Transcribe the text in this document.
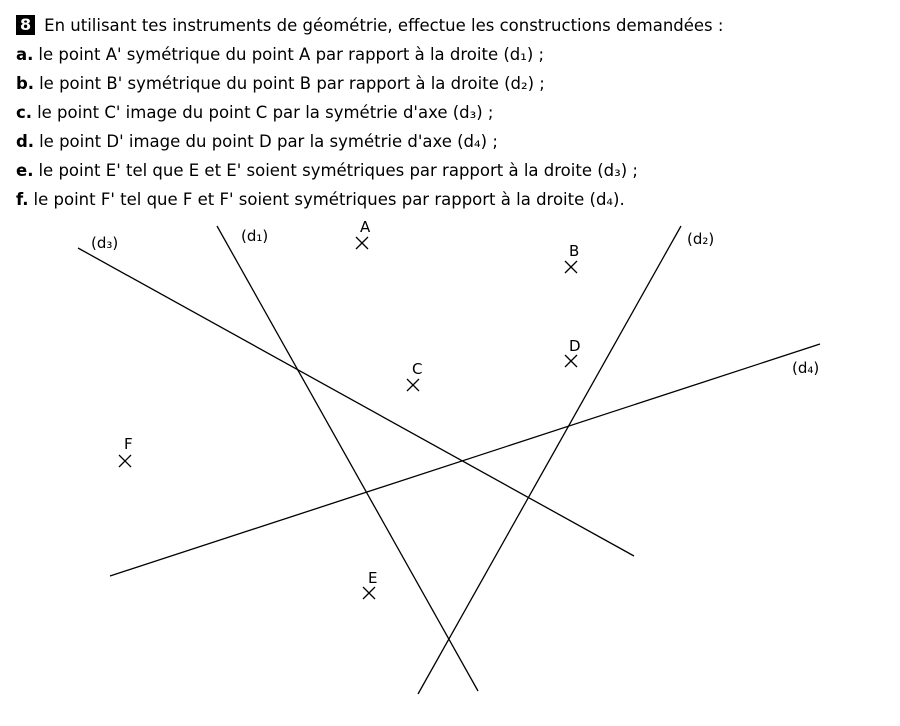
8 En utilisant tes instruments de géométrie, effectue les constructions demandées :
a. le point A' symétrique du point A par rapport à la droite (d₁) ;
b. le point B' symétrique du point B par rapport à la droite (d₂) ;
c. le point C' image du point C par la symétrie d'axe (d₃) ;
d. le point D' image du point D par la symétrie d'axe (d₄) ;
e. le point E' tel que E et E' soient symétriques par rapport à la droite (d₃) ;
f. le point F' tel que F et F' soient symétriques par rapport à la droite (d₄).
(d₁)	(d₂)
(d₃)
(d₄)
A
B
C
D
E
F
